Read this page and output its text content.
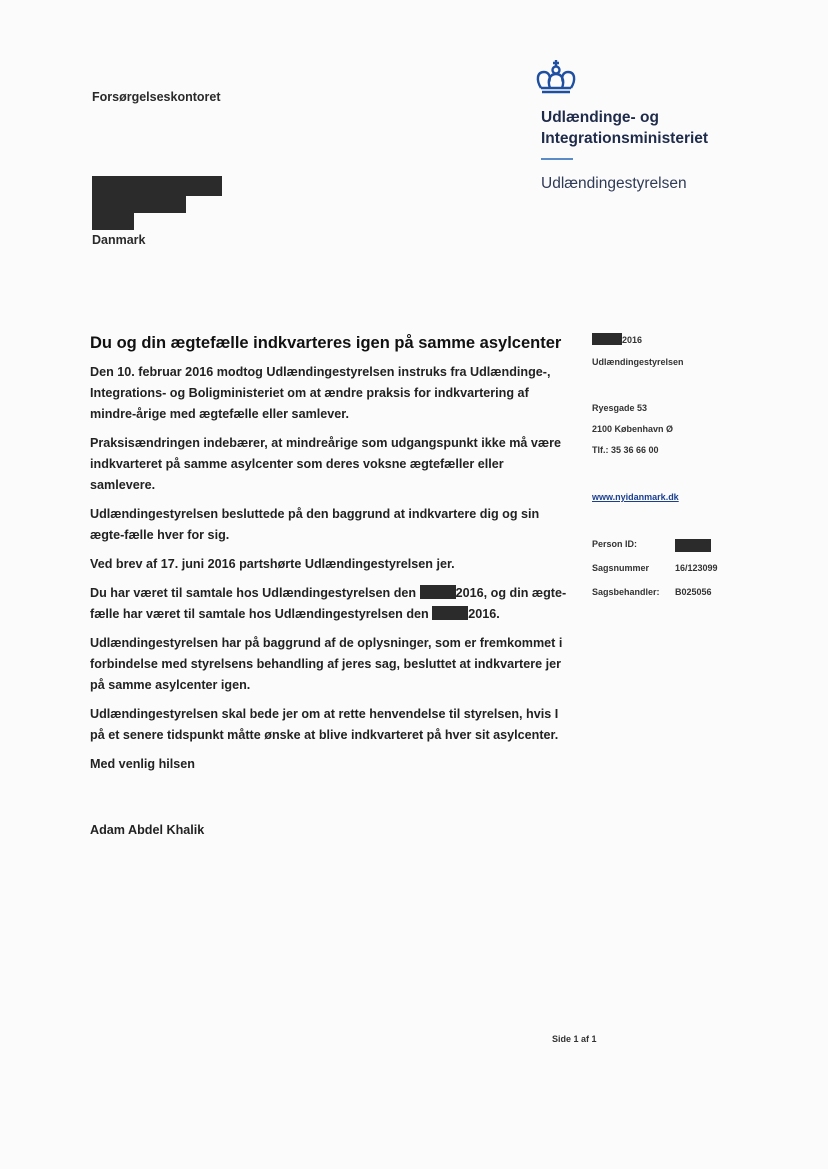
Forsørgelseskontoret
Danmark
Udlændinge- og
Integrationsministeriet
Udlændingestyrelsen
Du og din ægtefælle indkvarteres igen på samme asylcenter

Den 10. februar 2016 modtog Udlændingestyrelsen instruks fra Udlændinge-, Integrations- og Boligministeriet om at ændre praksis for indkvartering af mindre-årige med ægtefælle eller samlever.

Praksisændringen indebærer, at mindreårige som udgangspunkt ikke må være indkvarteret på samme asylcenter som deres voksne ægtefæller eller samlevere.

Udlændingestyrelsen besluttede på den baggrund at indkvartere dig og sin ægte-fælle hver for sig.

Ved brev af 17. juni 2016 partshørte Udlændingestyrelsen jer.

Du har været til samtale hos Udlændingestyrelsen den	2016, og din ægte-fælle har været til samtale hos Udlændingestyrelsen den	2016.

Udlændingestyrelsen har på baggrund af de oplysninger, som er fremkommet i forbindelse med styrelsens behandling af jeres sag, besluttet at indkvartere jer på samme asylcenter igen.

Udlændingestyrelsen skal bede jer om at rette henvendelse til styrelsen, hvis I på et senere tidspunkt måtte ønske at blive indkvarteret på hver sit asylcenter.

Med venlig hilsen

Adam Abdel Khalik
2016
Udlændingestyrelsen
Ryesgade 53
2100 København Ø
Tlf.: 35 36 66 00
www.nyidanmark.dk
Person ID:
Sagsnummer	16/123099
Sagsbehandler:	B025056
Side 1 af 1
